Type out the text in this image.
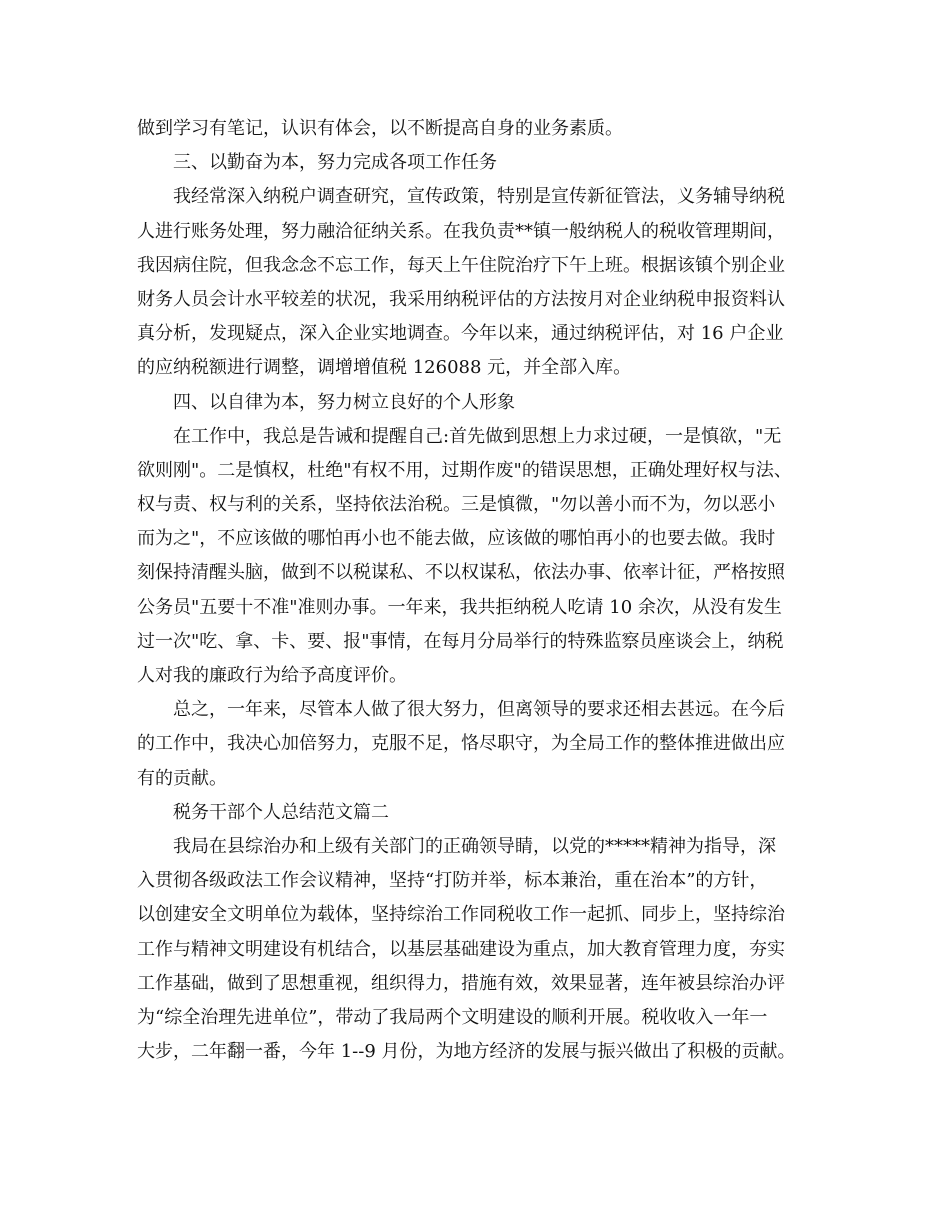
做到学习有笔记，认识有体会，以不断提高自身的业务素质。
三、以勤奋为本，努力完成各项工作任务
我经常深入纳税户调查研究，宣传政策，特别是宣传新征管法，义务辅导纳税
人进行账务处理，努力融洽征纳关系。在我负责**镇一般纳税人的税收管理期间，
我因病住院，但我念念不忘工作，每天上午住院治疗下午上班。根据该镇个别企业
财务人员会计水平较差的状况，我采用纳税评估的方法按月对企业纳税申报资料认
真分析，发现疑点，深入企业实地调查。今年以来，通过纳税评估，对 16 户企业
的应纳税额进行调整，调增增值税 126088 元，并全部入库。
四、以自律为本，努力树立良好的个人形象
在工作中，我总是告诫和提醒自己:首先做到思想上力求过硬，一是慎欲，"无
欲则刚"。二是慎权，杜绝"有权不用，过期作废"的错误思想，正确处理好权与法、
权与责、权与利的关系，坚持依法治税。三是慎微，"勿以善小而不为，勿以恶小
而为之"，不应该做的哪怕再小也不能去做，应该做的哪怕再小的也要去做。我时
刻保持清醒头脑，做到不以税谋私、不以权谋私，依法办事、依率计征，严格按照
公务员"五要十不准"准则办事。一年来，我共拒纳税人吃请 10 余次，从没有发生
过一次"吃、拿、卡、要、报"事情，在每月分局举行的特殊监察员座谈会上，纳税
人对我的廉政行为给予高度评价。
总之，一年来，尽管本人做了很大努力，但离领导的要求还相去甚远。在今后
的工作中，我决心加倍努力，克服不足，恪尽职守，为全局工作的整体推进做出应
有的贡献。
税务干部个人总结范文篇二
我局在县综治办和上级有关部门的正确领导睛，以党的*****精神为指导，深
入贯彻各级政法工作会议精神，坚持“打防并举，标本兼治，重在治本”的方针，
以创建安全文明单位为载体，坚持综治工作同税收工作一起抓、同步上，坚持综治
工作与精神文明建设有机结合，以基层基础建设为重点，加大教育管理力度，夯实
工作基础，做到了思想重视，组织得力，措施有效，效果显著，连年被县综治办评
为“综全治理先进单位”，带动了我局两个文明建设的顺利开展。税收收入一年一
大步，二年翻一番，今年 1--9 月份，为地方经济的发展与振兴做出了积极的贡献。
